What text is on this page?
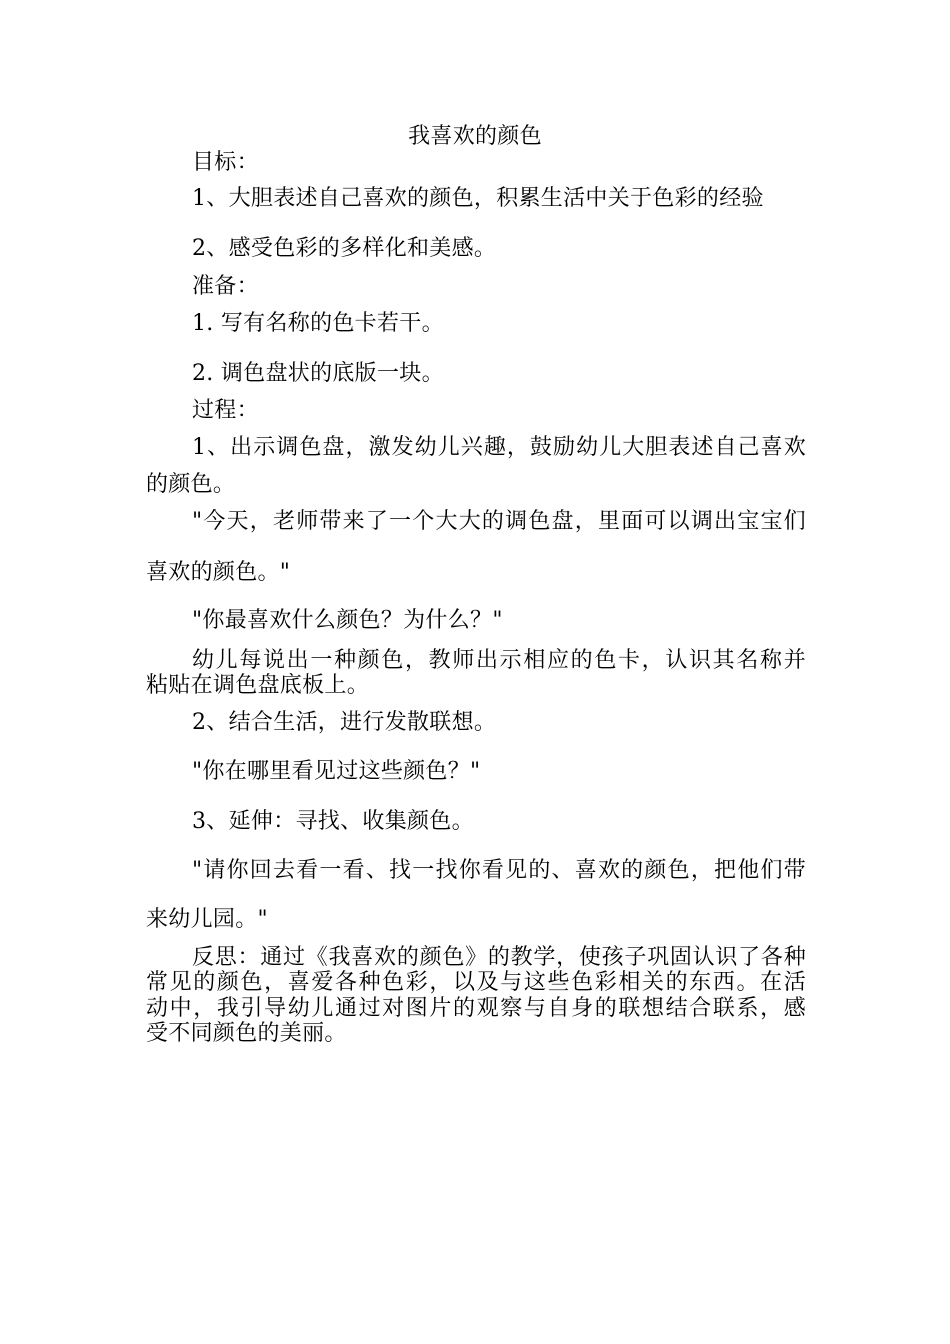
我喜欢的颜色
目标：
1、大胆表述自己喜欢的颜色，积累生活中关于色彩的经验
2、感受色彩的多样化和美感。
准备：
1. 写有名称的色卡若干。
2. 调色盘状的底版一块。
过程：
1、出示调色盘，激发幼儿兴趣，鼓励幼儿大胆表述自己喜欢
的颜色。
"今天，老师带来了一个大大的调色盘，里面可以调出宝宝们
喜欢的颜色。"
"你最喜欢什么颜色？为什么？"
幼儿每说出一种颜色，教师出示相应的色卡，认识其名称并
粘贴在调色盘底板上。
2、结合生活，进行发散联想。
"你在哪里看见过这些颜色？"
3、延伸：寻找、收集颜色。
"请你回去看一看、找一找你看见的、喜欢的颜色，把他们带
来幼儿园。"
反思：通过《我喜欢的颜色》的教学，使孩子巩固认识了各种
常见的颜色，喜爱各种色彩，以及与这些色彩相关的东西。在活
动中，我引导幼儿通过对图片的观察与自身的联想结合联系，感
受不同颜色的美丽。
